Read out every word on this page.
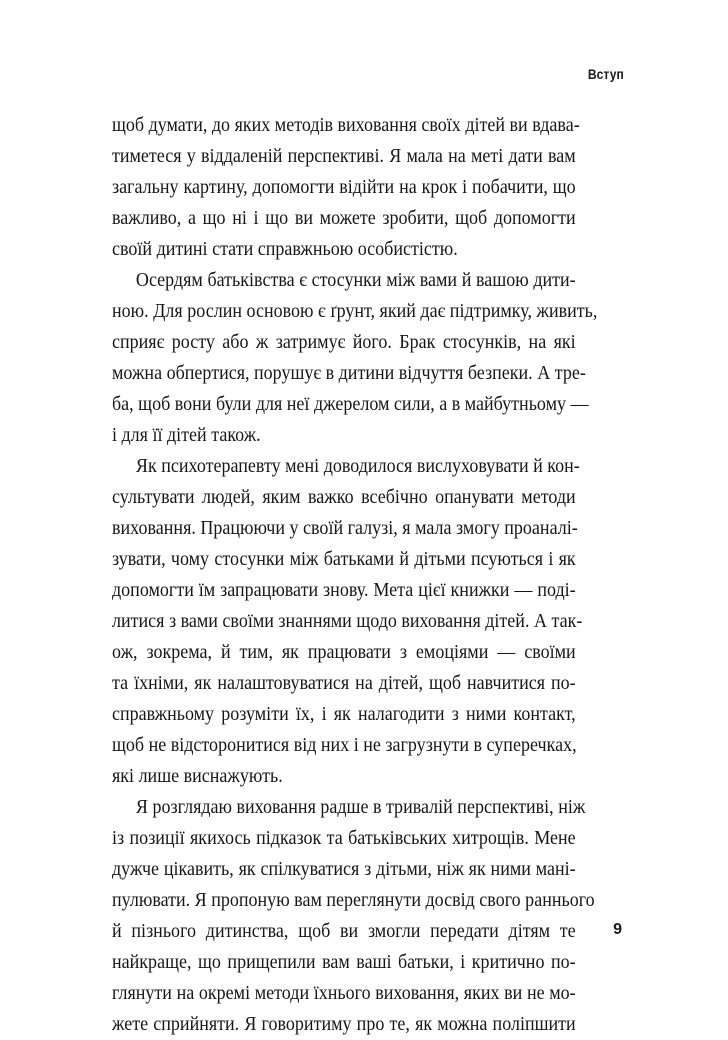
Вступ
щоб думати, до яких методів виховання своїх дітей ви вдава-
тиметеся у віддаленій перспективі. Я мала на меті дати вам
загальну картину, допомогти відійти на крок і побачити, що
важливо, а що ні і що ви можете зробити, щоб допомогти
своїй дитині стати справжньою особистістю.
Осердям батьківства є стосунки між вами й вашою дити-
ною. Для рослин основою є ґрунт, який дає підтримку, живить,
сприяє росту або ж затримує його. Брак стосунків, на які
можна обпертися, порушує в дитини відчуття безпеки. А тре-
ба, щоб вони були для неї джерелом сили, а в майбутньому —
і для її дітей також.
Як психотерапевту мені доводилося вислуховувати й кон-
сультувати людей, яким важко всебічно опанувати методи
виховання. Працюючи у своїй галузі, я мала змогу проаналі-
зувати, чому стосунки між батьками й дітьми псуються і як
допомогти їм запрацювати знову. Мета цієї книжки — поді-
литися з вами своїми знаннями щодо виховання дітей. А так-
ож, зокрема, й тим, як працювати з емоціями — своїми
та їхніми, як налаштовуватися на дітей, щоб навчитися по-
справжньому розуміти їх, і як налагодити з ними контакт,
щоб не відсторонитися від них і не загрузнути в суперечках,
які лише виснажують.
Я розглядаю виховання радше в тривалій перспективі, ніж
із позиції якихось підказок та батьківських хитрощів. Мене
дужче цікавить, як спілкуватися з дітьми, ніж як ними мані-
пулювати. Я пропоную вам переглянути досвід свого раннього
й пізнього дитинства, щоб ви змогли передати дітям те
найкраще, що прищепили вам ваші батьки, і критично по-
глянути на окремі методи їхнього виховання, яких ви не мо-
жете сприйняти. Я говоритиму про те, як можна поліпшити
9
